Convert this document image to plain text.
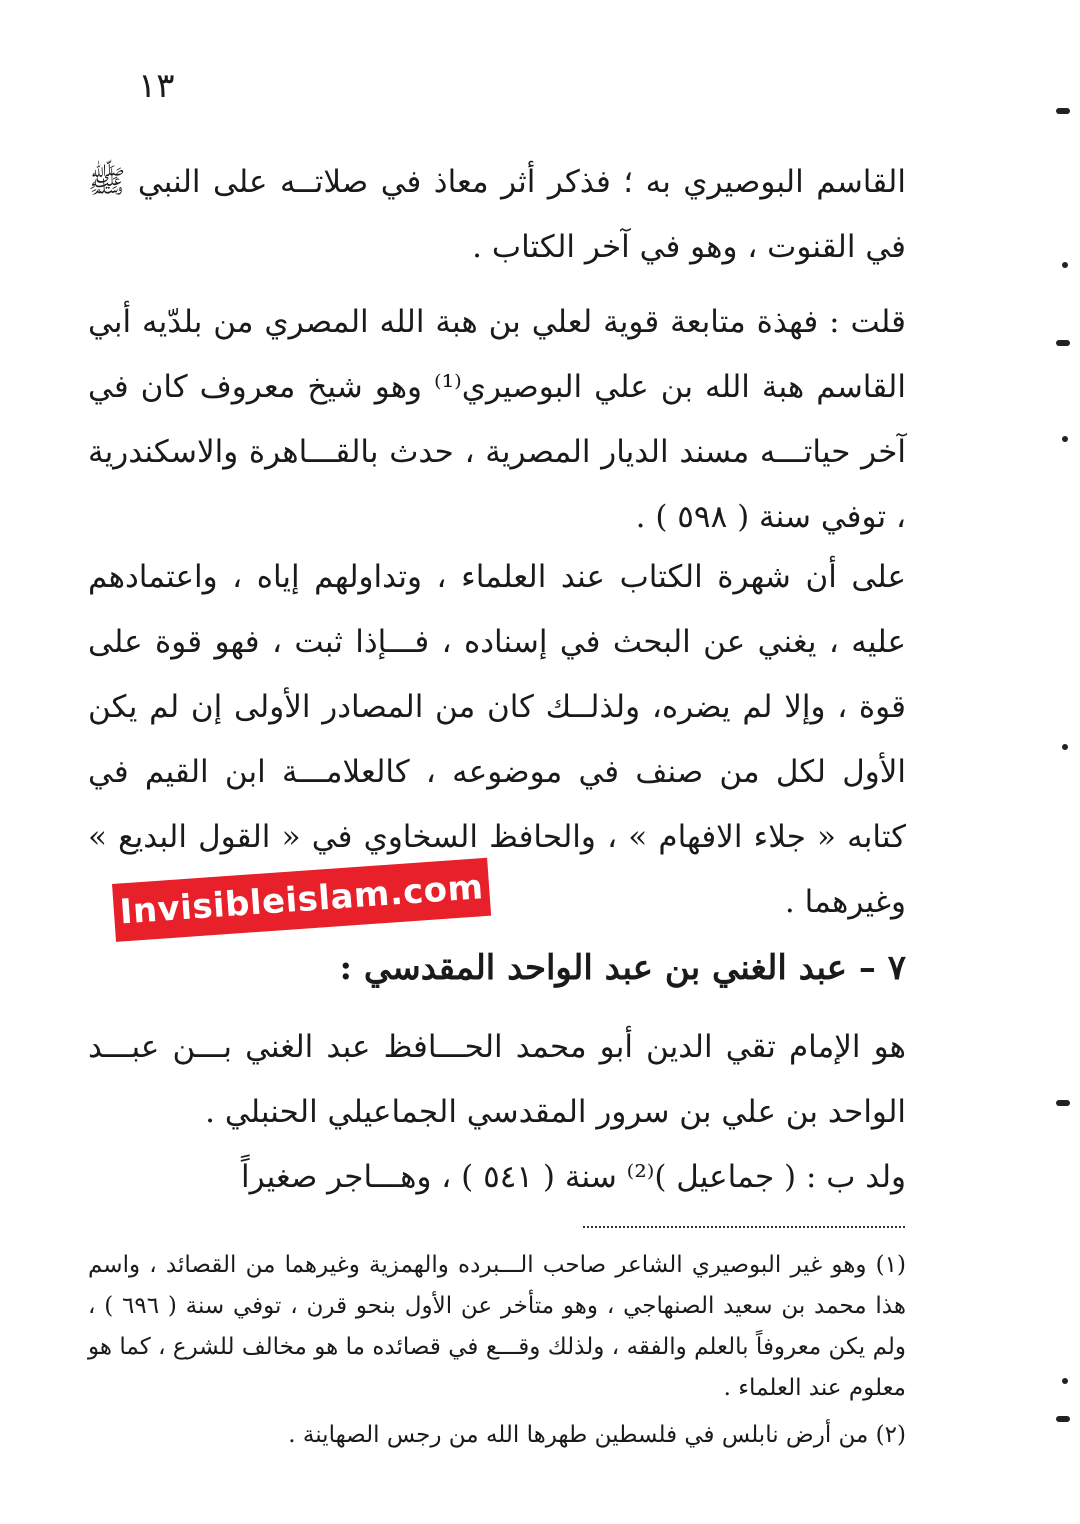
١٣

القاسم البوصيري به ؛ فذكر أثر معاذ في صلاتــه على النبي ﷺ في القنوت ، وهو في آخر الكتاب .

قلت : فهذة متابعة قوية لعلي بن هبة الله المصري من بلدّيه أبي القاسم هبة الله بن علي البوصيري⁽¹⁾ وهو شيخ معروف كان في آخر حياتـــه مسند الديار المصرية ، حدث بالقـــاهرة والاسكندرية ، توفي سنة ( ٥٩٨ ) .

على أن شهرة الكتاب عند العلماء ، وتداولهم إياه ، واعتمادهم عليه ، يغني عن البحث في إسناده ، فـــإذا ثبت ، فهو قوة على قوة ، وإلا لم يضره، ولذلــك كان من المصادر الأولى إن لم يكن الأول لكل من صنف في موضوعه ، كالعلامـــة ابن القيم في كتابه « جلاء الافهام » ، والحافظ السخاوي في « القول البديع » وغيرهما .

٧ – عبد الغني بن عبد الواحد المقدسي :

هو الإمام تقي الدين أبو محمد الحـــافظ عبد الغني بـــن عبـــد الواحد بن علي بن سرور المقدسي الجماعيلي الحنبلي .

ولد ب : ( جماعيل )⁽²⁾ سنة ( ٥٤١ ) ، وهـــاجر صغيراً

(١) وهو غير البوصيري الشاعر صاحب الـــبرده والهمزية وغيرهما من القصائد ، واسم هذا محمد بن سعيد الصنهاجي ، وهو متأخر عن الأول بنحو قرن ، توفي سنة ( ٦٩٦ ) ، ولم يكن معروفاً بالعلم والفقه ، ولذلك وقـــع في قصائده ما هو مخالف للشرع ، كما هو معلوم عند العلماء .

(٢) من أرض نابلس في فلسطين طهرها الله من رجس الصهاينة .

Invisibleislam.com
